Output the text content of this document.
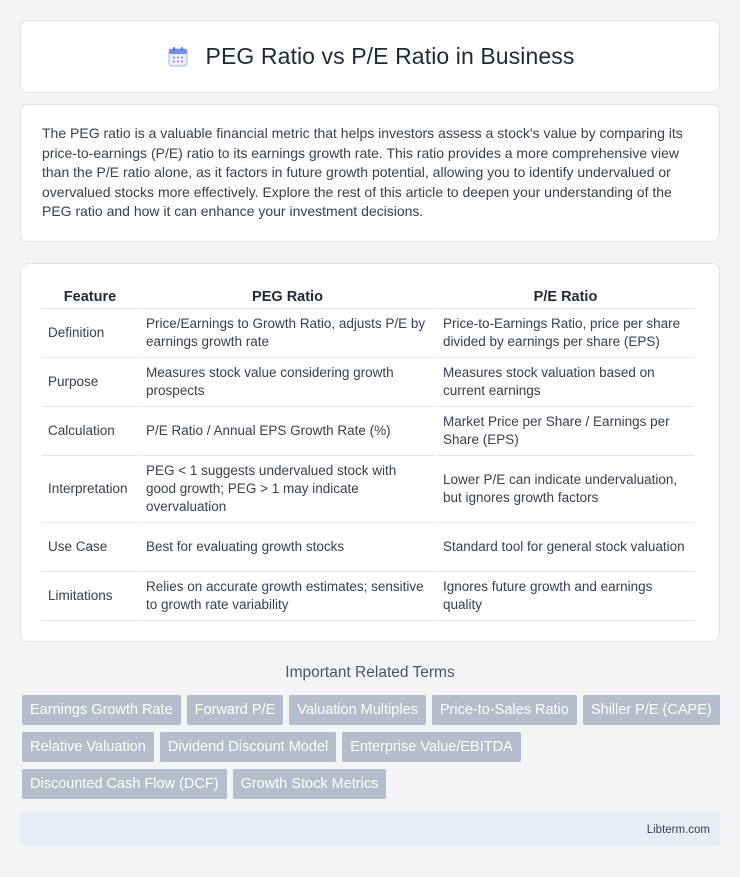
PEG Ratio vs P/E Ratio in Business

The PEG ratio is a valuable financial metric that helps investors assess a stock's value by comparing its price-to-earnings (P/E) ratio to its earnings growth rate. This ratio provides a more comprehensive view than the P/E ratio alone, as it factors in future growth potential, allowing you to identify undervalued or overvalued stocks more effectively. Explore the rest of this article to deepen your understanding of the PEG ratio and how it can enhance your investment decisions.

Feature	PEG Ratio	P/E Ratio
Definition	Price/Earnings to Growth Ratio, adjusts P/E by earnings growth rate	Price-to-Earnings Ratio, price per share divided by earnings per share (EPS)
Purpose	Measures stock value considering growth prospects	Measures stock valuation based on current earnings
Calculation	P/E Ratio / Annual EPS Growth Rate (%)	Market Price per Share / Earnings per Share (EPS)
Interpretation	PEG < 1 suggests undervalued stock with good growth; PEG > 1 may indicate overvaluation	Lower P/E can indicate undervaluation, but ignores growth factors
Use Case	Best for evaluating growth stocks	Standard tool for general stock valuation
Limitations	Relies on accurate growth estimates; sensitive to growth rate variability	Ignores future growth and earnings quality
Important Related Terms
Earnings Growth Rate	Forward P/E	Valuation Multiples	Price-to-Sales Ratio	Shiller P/E (CAPE)
Relative Valuation	Dividend Discount Model	Enterprise Value/EBITDA
Discounted Cash Flow (DCF)	Growth Stock Metrics
Libterm.com
